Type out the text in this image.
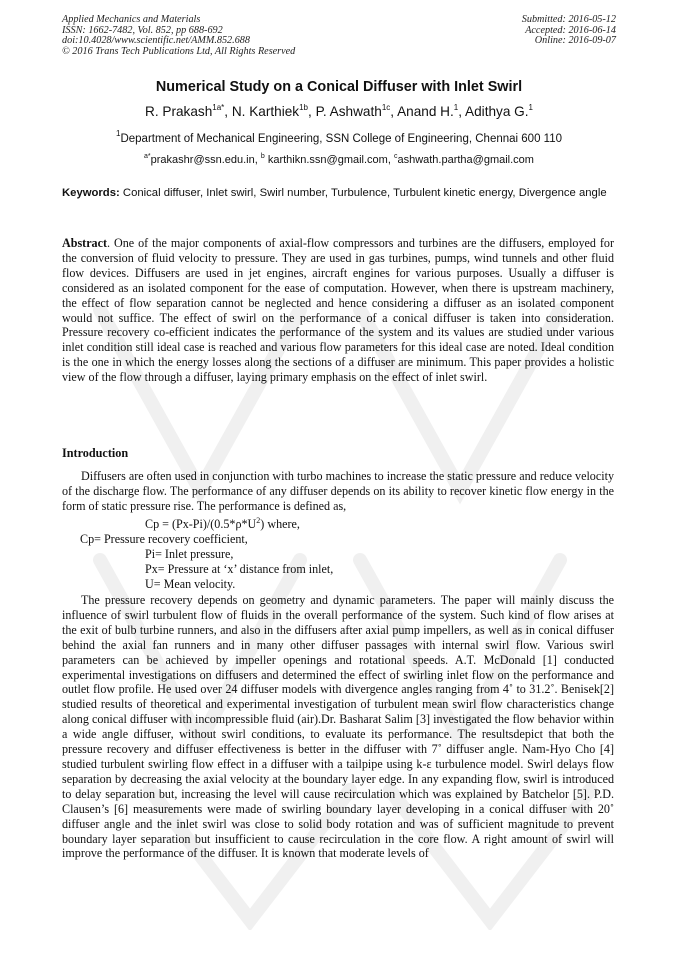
Applied Mechanics and Materials
ISSN: 1662-7482, Vol. 852, pp 688-692
doi:10.4028/www.scientific.net/AMM.852.688
© 2016 Trans Tech Publications Ltd, All Rights Reserved
Submitted: 2016-05-12
Accepted: 2016-06-14
Online: 2016-09-07
Numerical Study on a Conical Diffuser with Inlet Swirl
R. Prakash$^{1a*}$, N. Karthiek$^{1b}$, P. Ashwath$^{1c}$, Anand H.$^1$, Adithya G.$^1$
$^1$Department of Mechanical Engineering, SSN College of Engineering, Chennai 600 110
$^{a*}$prakashr@ssn.edu.in, $^b$ karthikn.ssn@gmail.com, $^c$ashwath.partha@gmail.com
Keywords: Conical diffuser, Inlet swirl, Swirl number, Turbulence, Turbulent kinetic energy, Divergence angle
Abstract. One of the major components of axial-flow compressors and turbines are the diffusers, employed for the conversion of fluid velocity to pressure. They are used in gas turbines, pumps, wind tunnels and other fluid flow devices. Diffusers are used in jet engines, aircraft engines for various purposes. Usually a diffuser is considered as an isolated component for the ease of computation. However, when there is upstream machinery, the effect of flow separation cannot be neglected and hence considering a diffuser as an isolated component would not suffice. The effect of swirl on the performance of a conical diffuser is taken into consideration. Pressure recovery co-efficient indicates the performance of the system and its values are studied under various inlet condition still ideal case is reached and various flow parameters for this ideal case are noted. Ideal condition is the one in which the energy losses along the sections of a diffuser are minimum. This paper provides a holistic view of the flow through a diffuser, laying primary emphasis on the effect of inlet swirl.
Introduction
Diffusers are often used in conjunction with turbo machines to increase the static pressure and reduce velocity of the discharge flow. The performance of any diffuser depends on its ability to recover kinetic flow energy in the form of static pressure rise. The performance is defined as,
$Cp = (Px-Pi)/(0.5*\rho*U^2)$ where,
Cp= Pressure recovery coefficient,
Pi= Inlet pressure,
Px= Pressure at ‘x’ distance from inlet,
U= Mean velocity.
The pressure recovery depends on geometry and dynamic parameters. The paper will mainly discuss the influence of swirl turbulent flow of fluids in the overall performance of the system. Such kind of flow arises at the exit of bulb turbine runners, and also in the diffusers after axial pump impellers, as well as in conical diffuser behind the axial fan runners and in many other diffuser passages with internal swirl flow. Various swirl parameters can be achieved by impeller openings and rotational speeds. A.T. McDonald [1] conducted experimental investigations on diffusers and determined the effect of swirling inlet flow on the performance and outlet flow profile. He used over 24 diffuser models with divergence angles ranging from 4˚ to 31.2˚. Benisek[2] studied results of theoretical and experimental investigation of turbulent mean swirl flow characteristics change along conical diffuser with incompressible fluid (air).Dr. Basharat Salim [3] investigated the flow behavior within a wide angle diffuser, without swirl conditions, to evaluate its performance. The resultsdepict that both the pressure recovery and diffuser effectiveness is better in the diffuser with 7˚ diffuser angle. Nam-Hyo Cho [4] studied turbulent swirling flow effect in a diffuser with a tailpipe using k-ε turbulence model. Swirl delays flow separation by decreasing the axial velocity at the boundary layer edge. In any expanding flow, swirl is introduced to delay separation but, increasing the level will cause recirculation which was explained by Batchelor [5]. P.D. Clausen’s [6] measurements were made of swirling boundary layer developing in a conical diffuser with 20˚ diffuser angle and the inlet swirl was close to solid body rotation and was of sufficient magnitude to prevent boundary layer separation but insufficient to cause recirculation in the core flow. A right amount of swirl will improve the performance of the diffuser. It is known that moderate levels of
